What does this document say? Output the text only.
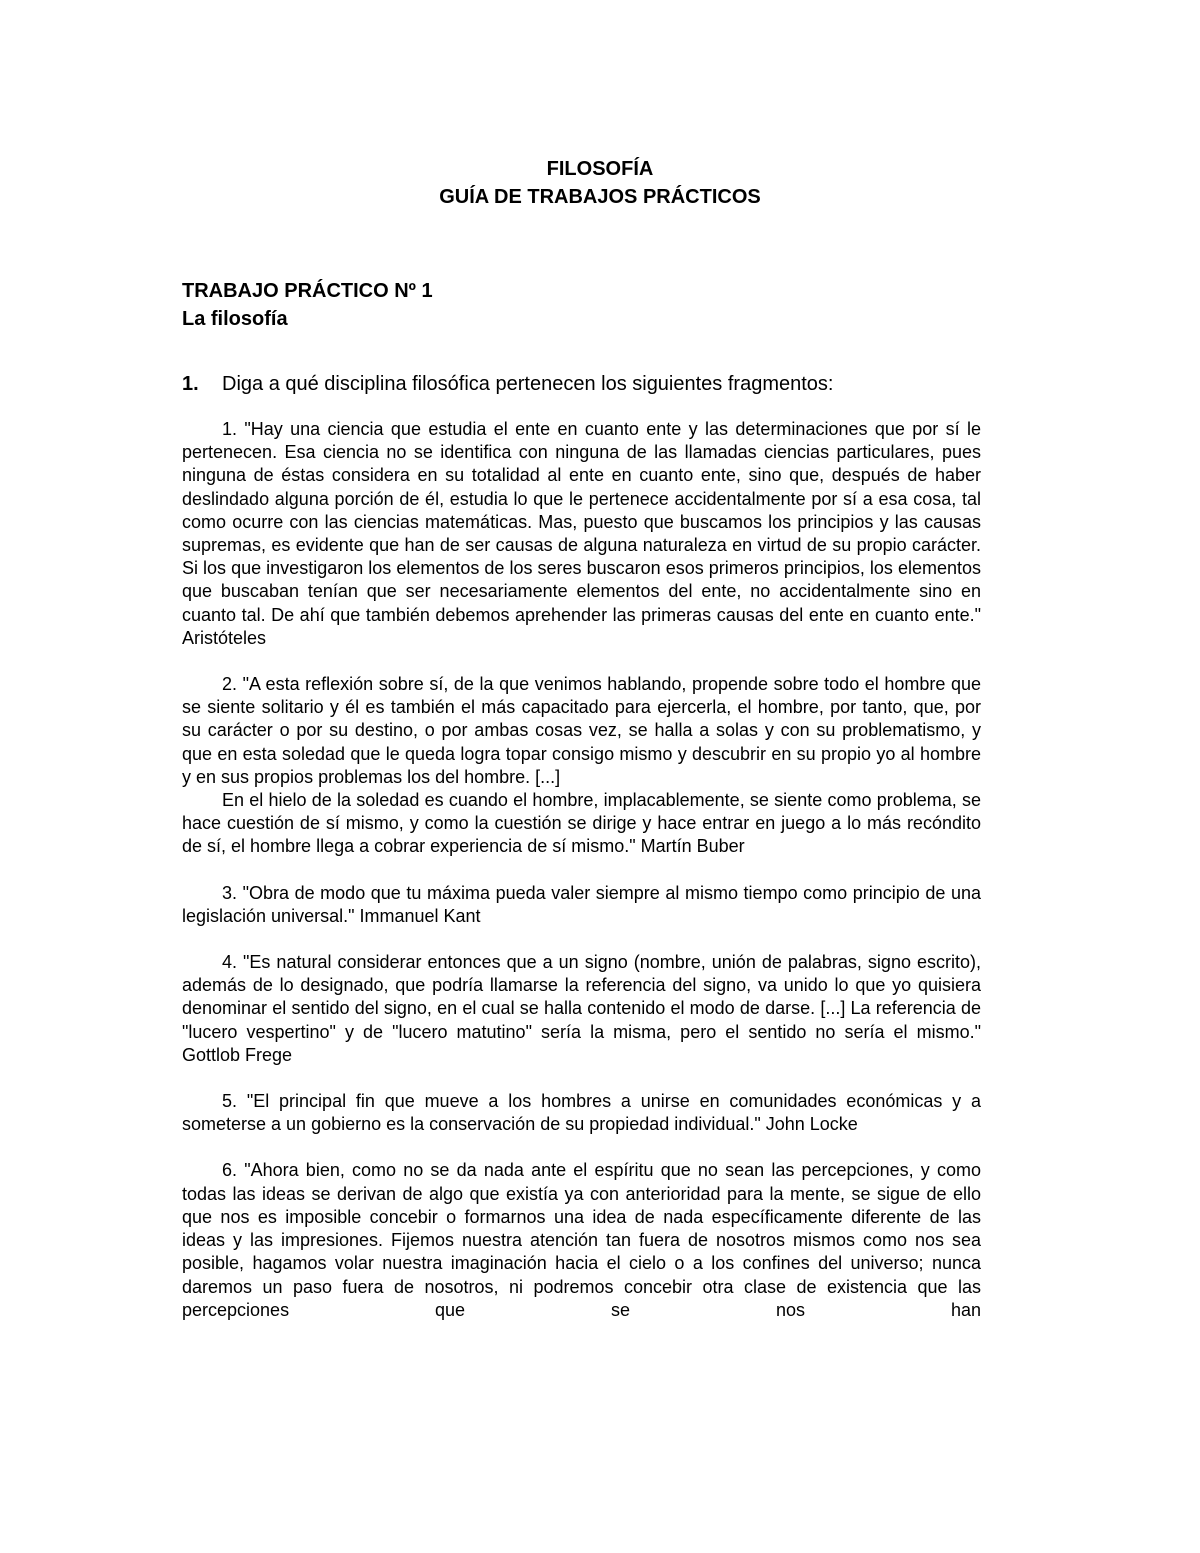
FILOSOFÍA
GUÍA DE TRABAJOS PRÁCTICOS
TRABAJO PRÁCTICO Nº 1
La filosofía
1. Diga a qué disciplina filosófica pertenecen los siguientes fragmentos:

1. "Hay una ciencia que estudia el ente en cuanto ente y las determinaciones que por sí le pertenecen. Esa ciencia no se identifica con ninguna de las llamadas ciencias particulares, pues ninguna de éstas considera en su totalidad al ente en cuanto ente, sino que, después de haber deslindado alguna porción de él, estudia lo que le pertenece accidentalmente por sí a esa cosa, tal como ocurre con las ciencias matemáticas. Mas, puesto que buscamos los principios y las causas supremas, es evidente que han de ser causas de alguna naturaleza en virtud de su propio carácter. Si los que investigaron los elementos de los seres buscaron esos primeros principios, los elementos que buscaban tenían que ser necesariamente elementos del ente, no accidentalmente sino en cuanto tal. De ahí que también debemos aprehender las primeras causas del ente en cuanto ente." Aristóteles

2. "A esta reflexión sobre sí, de la que venimos hablando, propende sobre todo el hombre que se siente solitario y él es también el más capacitado para ejercerla, el hombre, por tanto, que, por su carácter o por su destino, o por ambas cosas vez, se halla a solas y con su problematismo, y que en esta soledad que le queda logra topar consigo mismo y descubrir en su propio yo al hombre y en sus propios problemas los del hombre. [...]

En el hielo de la soledad es cuando el hombre, implacablemente, se siente como problema, se hace cuestión de sí mismo, y como la cuestión se dirige y hace entrar en juego a lo más recóndito de sí, el hombre llega a cobrar experiencia de sí mismo." Martín Buber

3. "Obra de modo que tu máxima pueda valer siempre al mismo tiempo como principio de una legislación universal." Immanuel Kant

4. "Es natural considerar entonces que a un signo (nombre, unión de palabras, signo escrito), además de lo designado, que podría llamarse la referencia del signo, va unido lo que yo quisiera denominar el sentido del signo, en el cual se halla contenido el modo de darse. [...] La referencia de "lucero vespertino" y de "lucero matutino" sería la misma, pero el sentido no sería el mismo." Gottlob Frege

5. "El principal fin que mueve a los hombres a unirse en comunidades económicas y a someterse a un gobierno es la conservación de su propiedad individual." John Locke

6. "Ahora bien, como no se da nada ante el espíritu que no sean las percepciones, y como todas las ideas se derivan de algo que existía ya con anterioridad para la mente, se sigue de ello que nos es imposible concebir o formarnos una idea de nada específicamente diferente de las ideas y las impresiones. Fijemos nuestra atención tan fuera de nosotros mismos como nos sea posible, hagamos volar nuestra imaginación hacia el cielo o a los confines del universo; nunca daremos un paso fuera de nosotros, ni podremos concebir otra clase de existencia que las percepciones que se nos han
